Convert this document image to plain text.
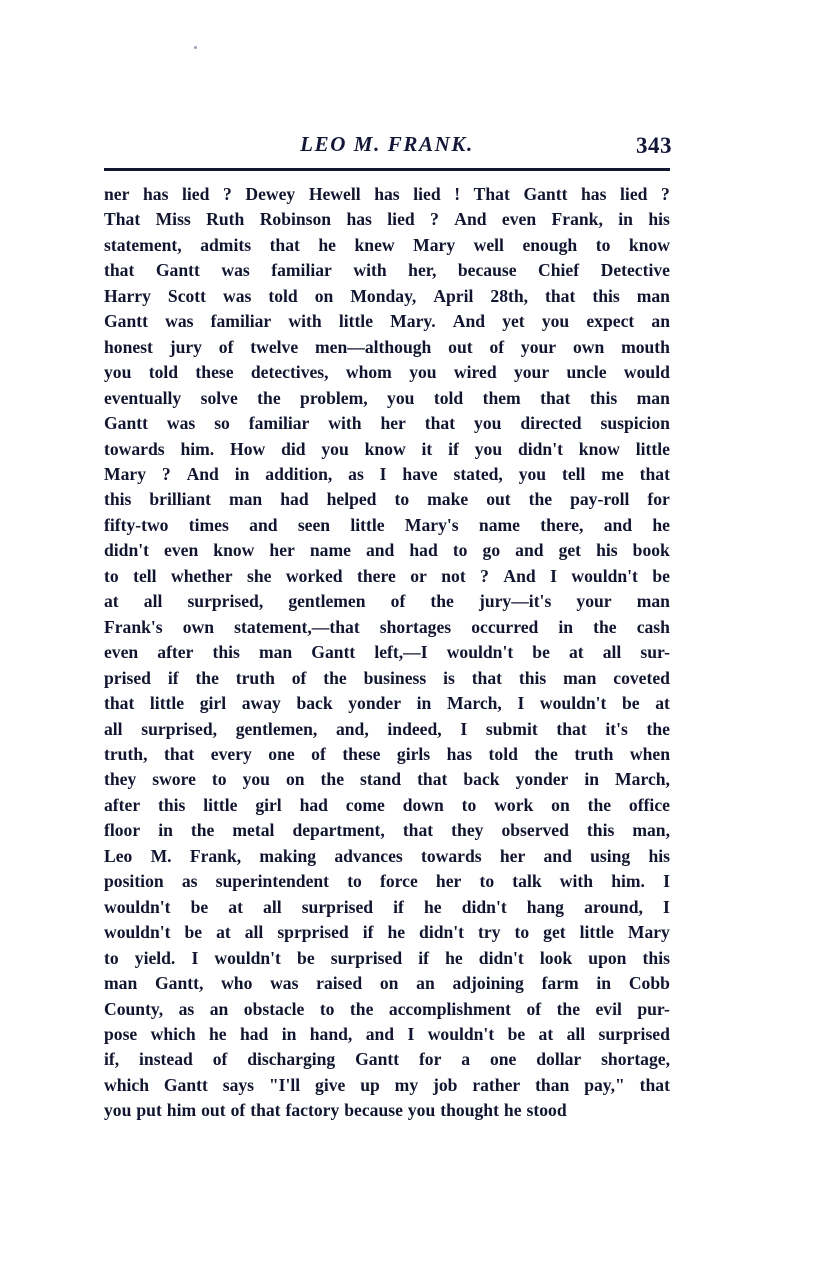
LEO M. FRANK.	343

ner has lied ? Dewey Hewell has lied ! That Gantt has lied ?
That Miss Ruth Robinson has lied ? And even Frank, in his
statement, admits that he knew Mary well enough to know
that Gantt was familiar with her, because Chief Detective
Harry Scott was told on Monday, April 28th, that this man
Gantt was familiar with little Mary. And yet you expect an
honest jury of twelve men—although out of your own mouth
you told these detectives, whom you wired your uncle would
eventually solve the problem, you told them that this man
Gantt was so familiar with her that you directed suspicion
towards him. How did you know it if you didn't know little
Mary ? And in addition, as I have stated, you tell me that
this brilliant man had helped to make out the pay-roll for
fifty-two times and seen little Mary's name there, and he
didn't even know her name and had to go and get his book
to tell whether she worked there or not ? And I wouldn't be
at all surprised, gentlemen of the jury—it's your man
Frank's own statement,—that shortages occurred in the cash
even after this man Gantt left,—I wouldn't be at all sur-
prised if the truth of the business is that this man coveted
that little girl away back yonder in March, I wouldn't be at
all surprised, gentlemen, and, indeed, I submit that it's the
truth, that every one of these girls has told the truth when
they swore to you on the stand that back yonder in March,
after this little girl had come down to work on the office
floor in the metal department, that they observed this man,
Leo M. Frank, making advances towards her and using his
position as superintendent to force her to talk with him. I
wouldn't be at all surprised if he didn't hang around, I
wouldn't be at all sprprised if he didn't try to get little Mary
to yield. I wouldn't be surprised if he didn't look upon this
man Gantt, who was raised on an adjoining farm in Cobb
County, as an obstacle to the accomplishment of the evil pur-
pose which he had in hand, and I wouldn't be at all surprised
if, instead of discharging Gantt for a one dollar shortage,
which Gantt says "I'll give up my job rather than pay," that
you put him out of that factory because you thought he stood
